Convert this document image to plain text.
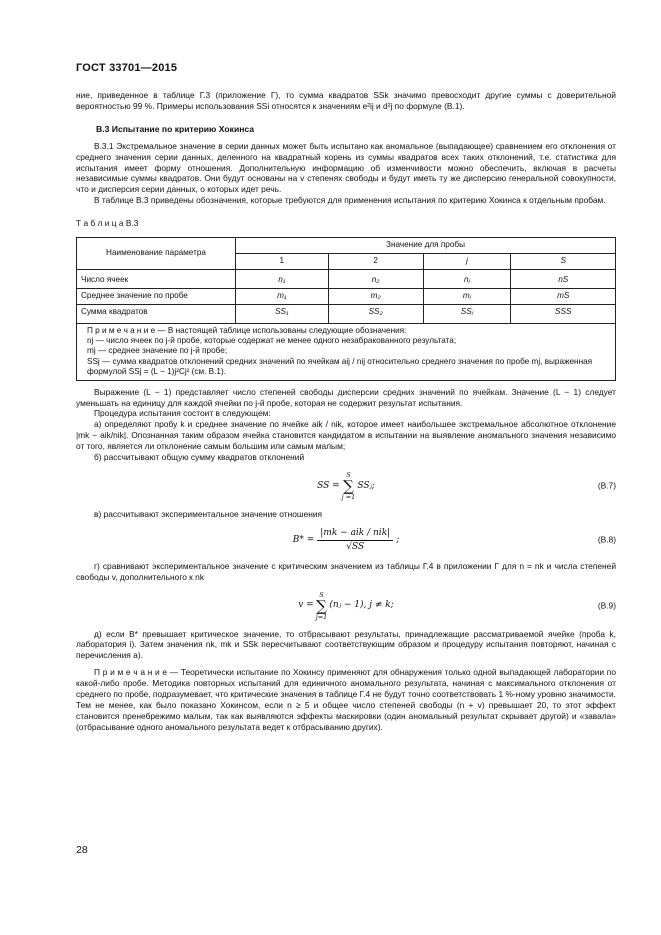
ГОСТ 33701—2015

ние, приведенное в таблице Г.3 (приложение Г), то сумма квадратов SSk значимо превосходит другие суммы с доверительной вероятностью 99 %. Примеры использования SSi относятся к значениям e²ij и d²j по формуле (В.1).

В.3 Испытание по критерию Хокинса

В.3.1 Экстремальное значение в серии данных может быть испытано как аномальное (выпадающее) сравнением его отклонения от среднего значения серии данных, деленного на квадратный корень из суммы квадратов всех таких отклонений, т.е. статистика для испытания имеет форму отношения. Дополнительную информацию об изменчивости можно обеспечить, включая в расчеты независимые суммы квадратов. Они будут основаны на v степенях свободы и будут иметь ту же дисперсию генеральной совокупности, что и дисперсия серии данных, о которых идет речь.

В таблице В.3 приведены обозначения, которые требуются для применения испытания по критерию Хокинса к отдельным пробам.

Т а б л и ц а В.3
Наименование параметра	Значение для пробы			
	1	2	j	S
Число ячеек	n₁	n₂	nⱼ	nS
Среднее значение по пробе	m₁	m₂	mⱼ	mS
Сумма квадратов	SS₁	SS₂	SSⱼ	SSS

П р и м е ч а н и е — В настоящей таблице использованы следующие обозначения:
nj — число ячеек по j-й пробе, которые содержат не менее одного незабракованного результата;
mj — среднее значение по j-й пробе;
SSj — сумма квадратов отклонений средних значений по ячейкам aij / nij относительно среднего значения по пробе mj, выраженная формулой SSj = (L − 1)j²Cj² (см. В.1).				

Выражение (L − 1) представляет число степеней свободы дисперсии средних значений по ячейкам. Значение (L − 1) следует уменьшать на единицу для каждой ячейки по j-й пробе, которая не содержит результат испытания.

Процедура испытания состоит в следующем:

а) определяют пробу k и среднее значение по ячейке aik / nik, которое имеет наибольшее экстремальное абсолютное отклонение |mk − aik/nik|. Опознанная таким образом ячейка становится кандидатом в испытании на выявление аномального значения независимо от того, является ли отклонение самым большим или самым малым;

б) рассчитывают общую сумму квадратов отклонений

SS =
S
∑
j =1
SSⱼ;	(В.7)

в) рассчитывают экспериментальное значение отношения

$B* = \frac{\text{|mk − aik / nik|}}{√SS}$ ;	(В.8)

г) сравнивают экспериментальное значение с критическим значением из таблицы Г.4 в приложении Г для n = nk и числа степеней свободы v, дополнительного к nk

v =
S
∑
j=1
(nⱼ − 1), j ≠ k;	(В.9)

д) если B* превышает критическое значение, то отбрасывают результаты, принадлежащие рассматриваемой ячейке (проба k, лаборатория i). Затем значения nk, mk и SSk пересчитывают соответствующим образом и процедуру испытания повторяют, начиная с перечисления а).

П р и м е ч а н и е — Теоретически испытание по Хокинсу применяют для обнаружения только одной выпадающей лаборатории по какой-либо пробе. Методика повторных испытаний для единичного аномального результата, начиная с максимального отклонения от среднего по пробе, подразумевает, что критические значения в таблице Г.4 не будут точно соответствовать 1 %-ному уровню значимости. Тем не менее, как было показано Хокинсом, если n ≥ 5 и общее число степеней свободы (n + v) превышает 20, то этот эффект становится пренебрежимо малым, так как выявляются эффекты маскировки (один аномальный результат скрывает другой) и «завала» (отбрасывание одного аномального результата ведет к отбрасыванию других).

28
